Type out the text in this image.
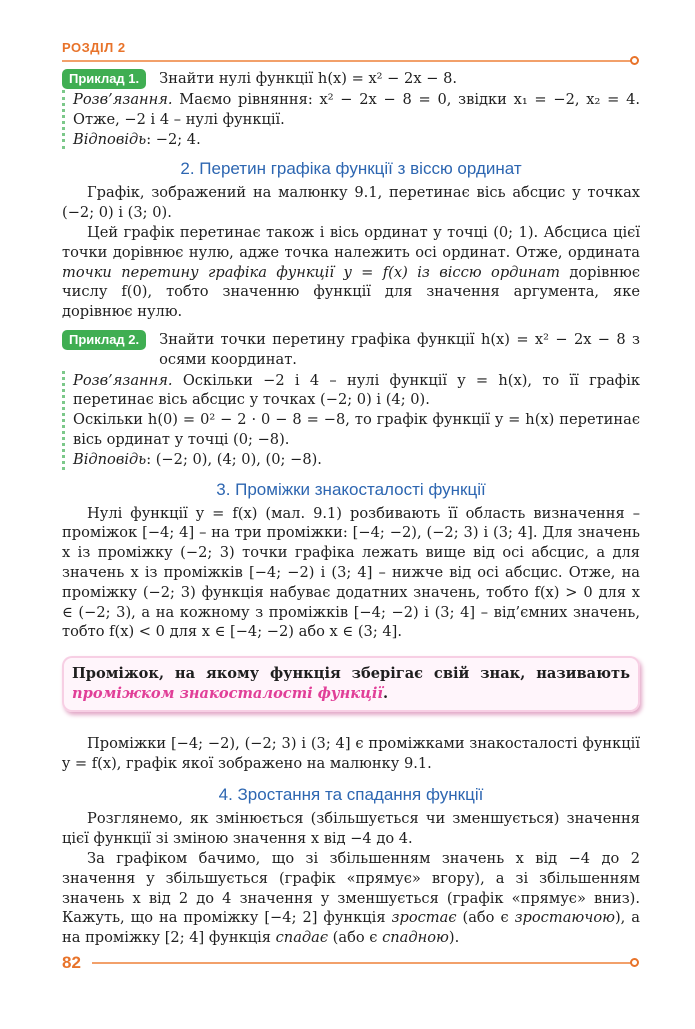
РОЗДІЛ 2
Приклад 1.	Знайти нулі функції h(x) = x² − 2x − 8.

Розв’язання. Маємо рівняння: x² − 2x − 8 = 0, звідки x₁ = −2, x₂ = 4. Отже, −2 і 4 – нулі функції.

Відповідь: −2; 4.

2. Перетин графіка функції з віссю ординат

Графік, зображений на малюнку 9.1, перетинає вісь абсцис у точках (−2; 0) і (3; 0).

Цей графік перетинає також і вісь ординат у точці (0; 1). Абсциса цієї точки дорівнює нулю, адже точка належить осі ординат. Отже, ордината точки перетину графіка функції y = f(x) із віссю ординат дорівнює числу f(0), тобто значенню функції для значення аргумента, яке дорівнює нулю.

Приклад 2.	Знайти точки перетину графіка функції h(x) = x² − 2x − 8 з осями координат.

Розв’язання. Оскільки −2 і 4 – нулі функції y = h(x), то її графік перетинає вісь абсцис у точках (−2; 0) і (4; 0).

Оскільки h(0) = 0² − 2 · 0 − 8 = −8, то графік функції y = h(x) перетинає вісь ординат у точці (0; −8).

Відповідь: (−2; 0), (4; 0), (0; −8).

3. Проміжки знакосталості функції

Нулі функції y = f(x) (мал. 9.1) розбивають її область визначення – проміжок [−4; 4] – на три проміжки: [−4; −2), (−2; 3) і (3; 4]. Для значень x із проміжку (−2; 3) точки графіка лежать вище від осі абсцис, а для значень x із проміжків [−4; −2) і (3; 4] – нижче від осі абсцис. Отже, на проміжку (−2; 3) функція набуває додатних значень, тобто f(x) > 0 для x ∈ (−2; 3), а на кожному з проміжків [−4; −2) і (3; 4] – від’ємних значень, тобто f(x) < 0 для x ∈ [−4; −2) або x ∈ (3; 4].

Проміжок, на якому функція зберігає свій знак, називають проміжком знакосталості функції.

Проміжки [−4; −2), (−2; 3) і (3; 4] є проміжками знакосталості функції y = f(x), графік якої зображено на малюнку 9.1.

4. Зростання та спадання функції

Розглянемо, як змінюється (збільшується чи зменшується) значення цієї функції зі зміною значення x від −4 до 4.

За графіком бачимо, що зі збільшенням значень x від −4 до 2 значення y збільшується (графік «прямує» вгору), а зі збільшенням значень x від 2 до 4 значення y зменшується (графік «прямує» вниз). Кажуть, що на проміжку [−4; 2] функція зростає (або є зростаючою), а на проміжку [2; 4] функція спадає (або є спадною).

82
